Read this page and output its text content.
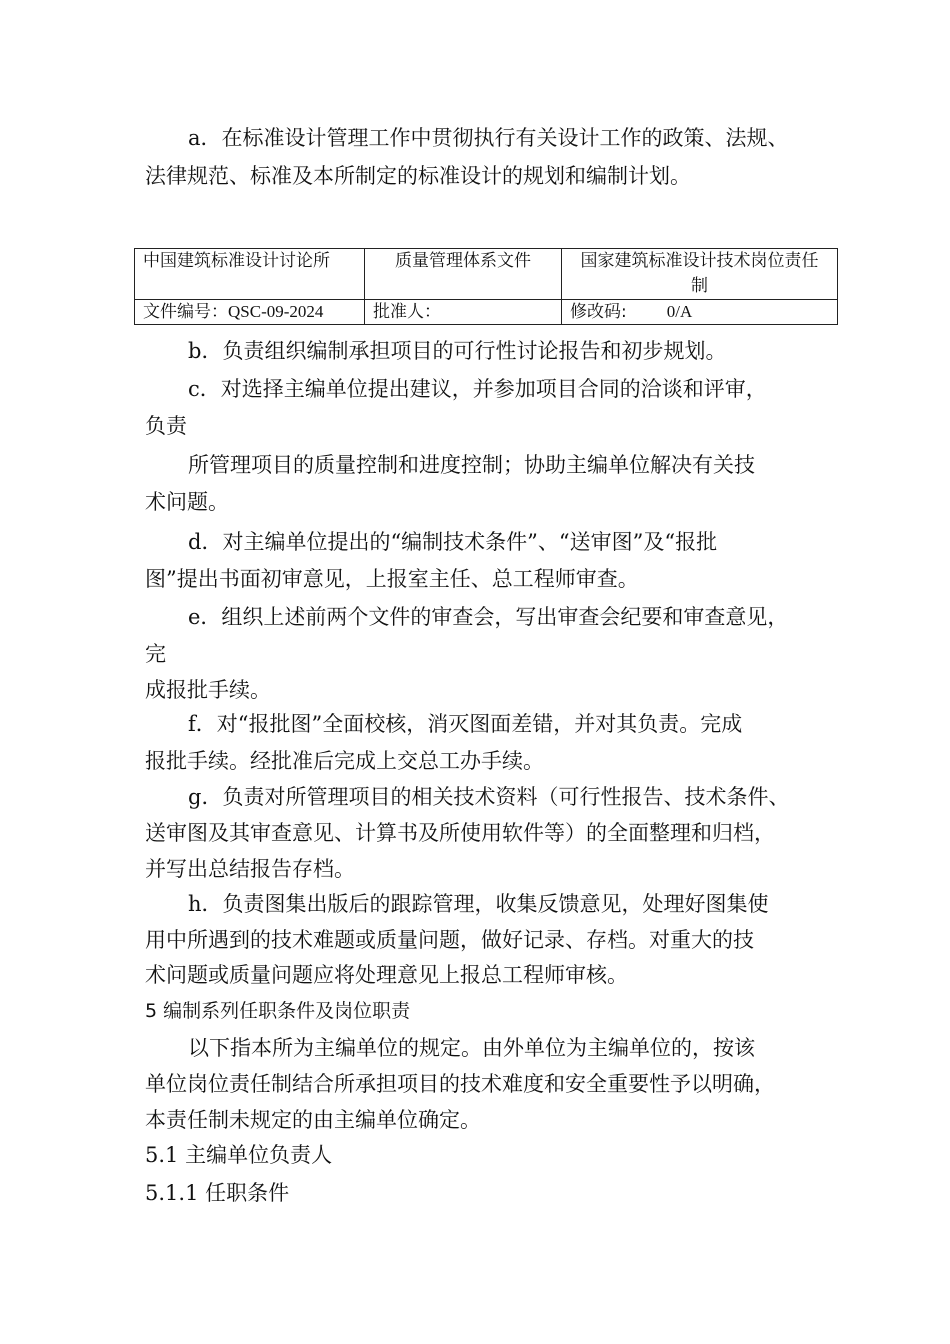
a．在标准设计管理工作中贯彻执行有关设计工作的政策、法规、
法律规范、标准及本所制定的标准设计的规划和编制计划。
中国建筑标准设计讨论所	质量管理体系文件	国家建筑标准设计技术岗位责任
制

文件编号：QSC-09-2024	批准人：	修改码: 0/A
b．负责组织编制承担项目的可行性讨论报告和初步规划。
c．对选择主编单位提出建议，并参加项目合同的洽谈和评审，
负责
所管理项目的质量控制和进度控制；协助主编单位解决有关技
术问题。
d．对主编单位提出的“编制技术条件”、“送审图”及“报批
图”提出书面初审意见，上报室主任、总工程师审查。
e．组织上述前两个文件的审查会，写出审查会纪要和审查意见，
完
成报批手续。
f．对“报批图”全面校核，消灭图面差错，并对其负责。完成
报批手续。经批准后完成上交总工办手续。
g．负责对所管理项目的相关技术资料（可行性报告、技术条件、
送审图及其审查意见、计算书及所使用软件等）的全面整理和归档，
并写出总结报告存档。
h．负责图集出版后的跟踪管理，收集反馈意见，处理好图集使
用中所遇到的技术难题或质量问题，做好记录、存档。对重大的技
术问题或质量问题应将处理意见上报总工程师审核。
5 编制系列任职条件及岗位职责
以下指本所为主编单位的规定。由外单位为主编单位的，按该
单位岗位责任制结合所承担项目的技术难度和安全重要性予以明确，
本责任制未规定的由主编单位确定。
5.1 主编单位负责人
5.1.1 任职条件
